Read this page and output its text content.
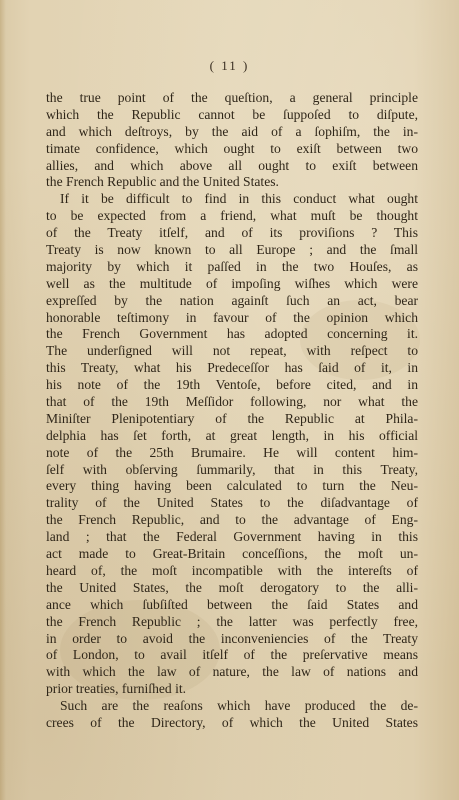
( 11 )
the true point of the queſtion, a general principle
which the Republic cannot be ſuppoſed to diſpute,
and which deſtroys, by the aid of a ſophiſm, the in-
timate confidence, which ought to exiſt between two
allies, and which above all ought to exiſt between
the French Republic and the United States.
If it be difficult to find in this conduct what ought
to be expected from a friend, what muſt be thought
of the Treaty itſelf, and of its proviſions ? This
Treaty is now known to all Europe ; and the ſmall
majority by which it paſſed in the two Houſes, as
well as the multitude of impoſing wiſhes which were
expreſſed by the nation againſt ſuch an act, bear
honorable teſtimony in favour of the opinion which
the French Government has adopted concerning it.
The underſigned will not repeat, with reſpect to
this Treaty, what his Predeceſſor has ſaid of it, in
his note of the 19th Ventoſe, before cited, and in
that of the 19th Meſſidor following, nor what the
Miniſter Plenipotentiary of the Republic at Phila-
delphia has ſet forth, at great length, in his official
note of the 25th Brumaire. He will content him-
ſelf with obſerving ſummarily, that in this Treaty,
every thing having been calculated to turn the Neu-
trality of the United States to the diſadvantage of
the French Republic, and to the advantage of Eng-
land ; that the Federal Government having in this
act made to Great-Britain conceſſions, the moſt un-
heard of, the moſt incompatible with the intereſts of
the United States, the moſt derogatory to the alli-
ance which ſubſiſted between the ſaid States and
the French Republic ; the latter was perfectly free,
in order to avoid the inconveniencies of the Treaty
of London, to avail itſelf of the preſervative means
with which the law of nature, the law of nations and
prior treaties, furniſhed it.
Such are the reaſons which have produced the de-
crees of the Directory, of which the United States
